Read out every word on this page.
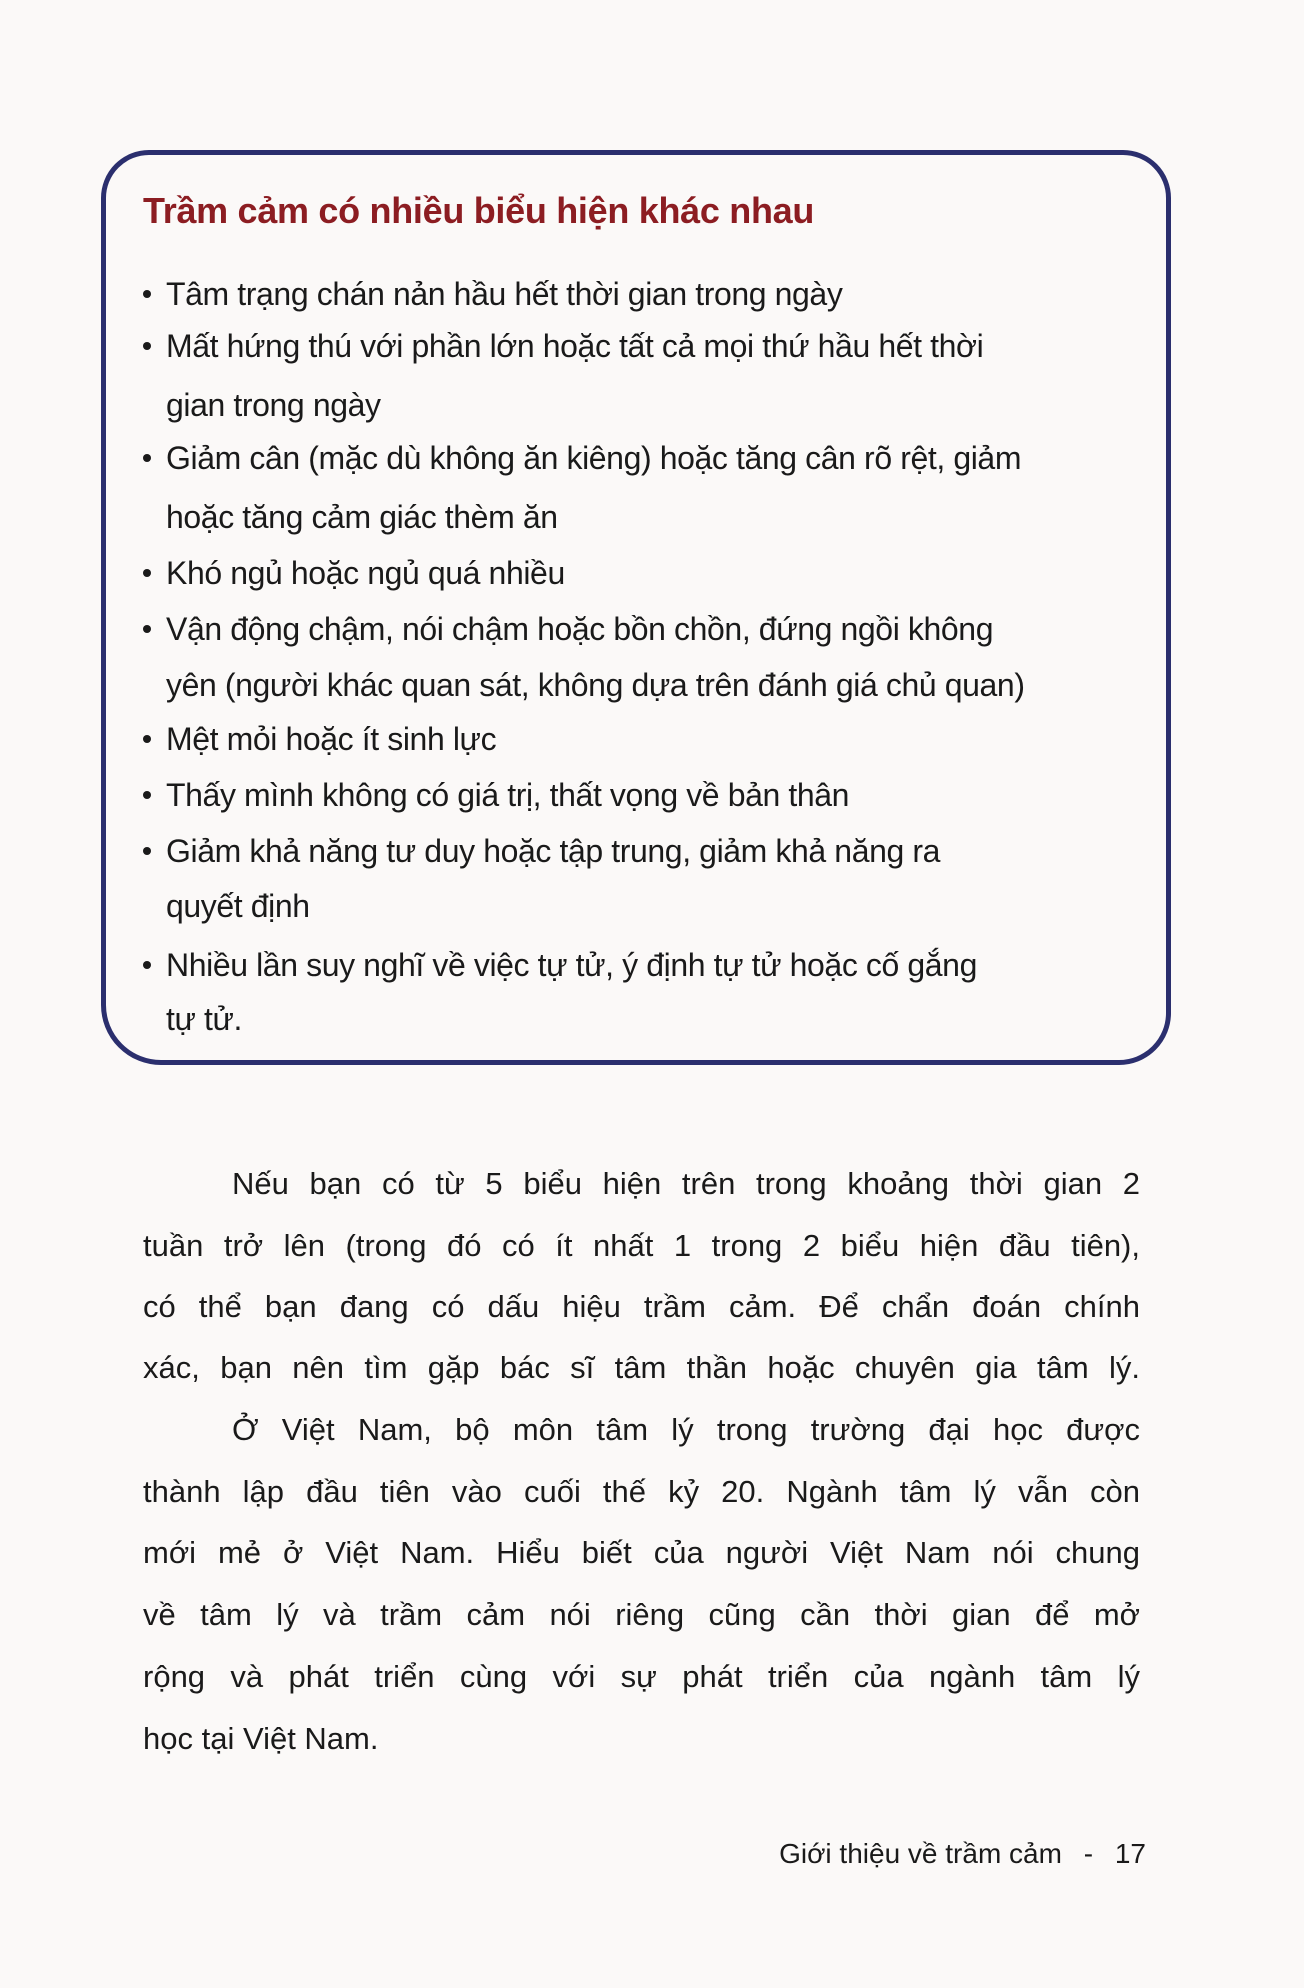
Trầm cảm có nhiều biểu hiện khác nhau
Tâm trạng chán nản hầu hết thời gian trong ngày
Mất hứng thú với phần lớn hoặc tất cả mọi thứ hầu hết thời
gian trong ngày
Giảm cân (mặc dù không ăn kiêng) hoặc tăng cân rõ rệt, giảm
hoặc tăng cảm giác thèm ăn
Khó ngủ hoặc ngủ quá nhiều
Vận động chậm, nói chậm hoặc bồn chồn, đứng ngồi không
yên (người khác quan sát, không dựa trên đánh giá chủ quan)
Mệt mỏi hoặc ít sinh lực
Thấy mình không có giá trị, thất vọng về bản thân
Giảm khả năng tư duy hoặc tập trung, giảm khả năng ra
quyết định
Nhiều lần suy nghĩ về việc tự tử, ý định tự tử hoặc cố gắng
tự tử.
Nếu bạn có từ 5 biểu hiện trên trong khoảng thời gian 2
tuần trở lên (trong đó có ít nhất 1 trong 2 biểu hiện đầu tiên),
có thể bạn đang có dấu hiệu trầm cảm. Để chẩn đoán chính
xác, bạn nên tìm gặp bác sĩ tâm thần hoặc chuyên gia tâm lý.
Ở Việt Nam, bộ môn tâm lý trong trường đại học được
thành lập đầu tiên vào cuối thế kỷ 20. Ngành tâm lý vẫn còn
mới mẻ ở Việt Nam. Hiểu biết của người Việt Nam nói chung
về tâm lý và trầm cảm nói riêng cũng cần thời gian để mở
rộng và phát triển cùng với sự phát triển của ngành tâm lý
học tại Việt Nam.
Giới thiệu về trầm cảm - 17
